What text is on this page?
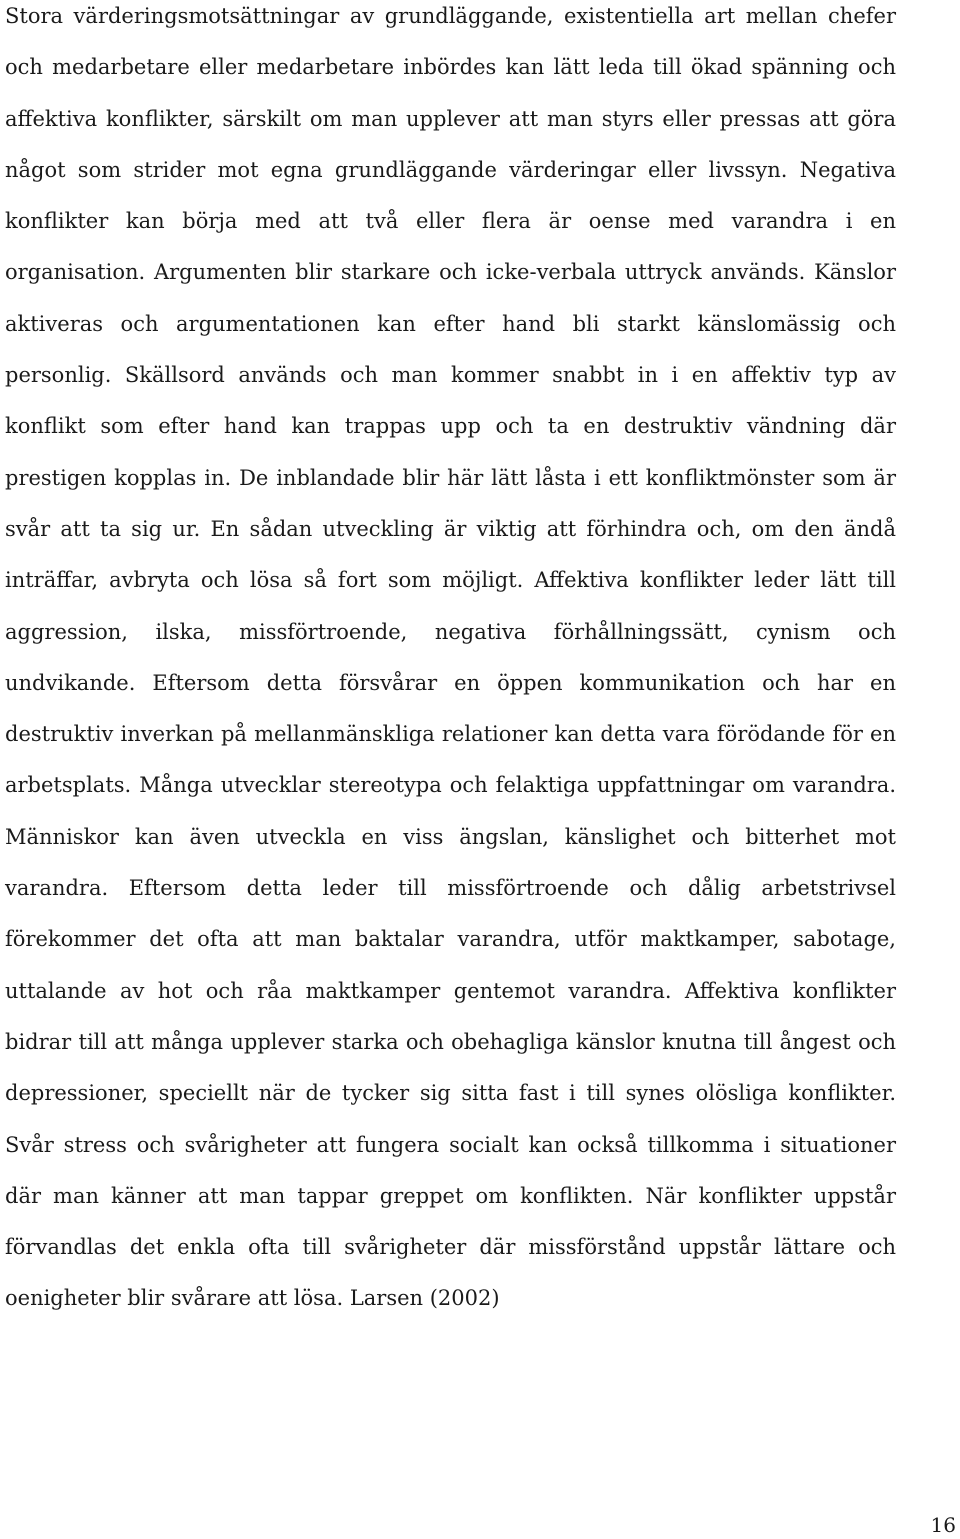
Stora värderingsmotsättningar av grundläggande, existentiella art mellan chefer och medarbetare eller medarbetare inbördes kan lätt leda till ökad spänning och affektiva konflikter, särskilt om man upplever att man styrs eller pressas att göra något som strider mot egna grundläggande värderingar eller livssyn. Negativa konflikter kan börja med att två eller flera är oense med varandra i en organisation. Argumenten blir starkare och icke-verbala uttryck används. Känslor aktiveras och argumentationen kan efter hand bli starkt känslomässig och personlig. Skällsord används och man kommer snabbt in i en affektiv typ av konflikt som efter hand kan trappas upp och ta en destruktiv vändning där prestigen kopplas in. De inblandade blir här lätt låsta i ett konfliktmönster som är svår att ta sig ur. En sådan utveckling är viktig att förhindra och, om den ändå inträffar, avbryta och lösa så fort som möjligt. Affektiva konflikter leder lätt till aggression, ilska, missförtroende, negativa förhållningssätt, cynism och undvikande. Eftersom detta försvårar en öppen kommunikation och har en destruktiv inverkan på mellanmänskliga relationer kan detta vara förödande för en arbetsplats. Många utvecklar stereotypa och felaktiga uppfattningar om varandra. Människor kan även utveckla en viss ängslan, känslighet och bitterhet mot varandra. Eftersom detta leder till missförtroende och dålig arbetstrivsel förekommer det ofta att man baktalar varandra, utför maktkamper, sabotage, uttalande av hot och råa maktkamper gentemot varandra. Affektiva konflikter bidrar till att många upplever starka och obehagliga känslor knutna till ångest och depressioner, speciellt när de tycker sig sitta fast i till synes olösliga konflikter. Svår stress och svårigheter att fungera socialt kan också tillkomma i situationer där man känner att man tappar greppet om konflikten. När konflikter uppstår förvandlas det enkla ofta till svårigheter där missförstånd uppstår lättare och oenigheter blir svårare att lösa. Larsen (2002)

16
